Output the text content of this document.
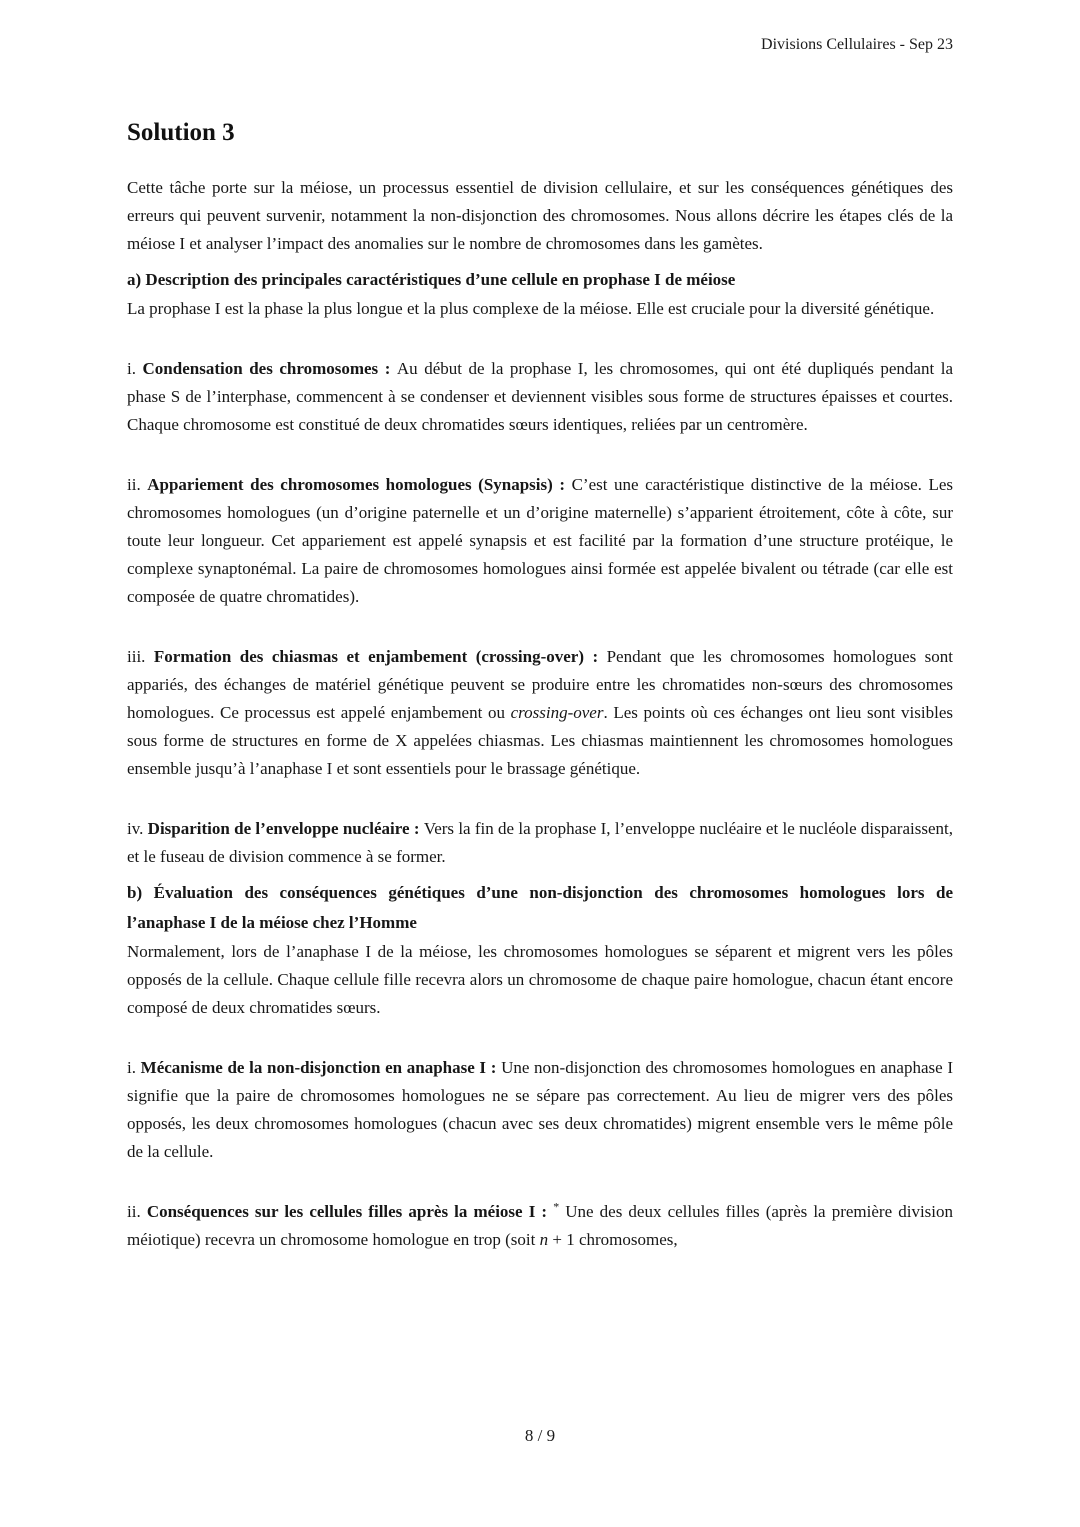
Divisions Cellulaires - Sep 23
Solution 3

Cette tâche porte sur la méiose, un processus essentiel de division cellulaire, et sur les conséquences génétiques des erreurs qui peuvent survenir, notamment la non-disjonction des chromosomes. Nous allons décrire les étapes clés de la méiose I et analyser l’impact des anomalies sur le nombre de chromosomes dans les gamètes.

a) Description des principales caractéristiques d’une cellule en prophase I de méiose

La prophase I est la phase la plus longue et la plus complexe de la méiose. Elle est cruciale pour la diversité génétique.

i. Condensation des chromosomes : Au début de la prophase I, les chromosomes, qui ont été dupliqués pendant la phase S de l’interphase, commencent à se condenser et deviennent visibles sous forme de structures épaisses et courtes. Chaque chromosome est constitué de deux chromatides sœurs identiques, reliées par un centromère.

ii. Appariement des chromosomes homologues (Synapsis) : C’est une caractéristique distinctive de la méiose. Les chromosomes homologues (un d’origine paternelle et un d’origine maternelle) s’apparient étroitement, côte à côte, sur toute leur longueur. Cet appariement est appelé synapsis et est facilité par la formation d’une structure protéique, le complexe synaptonémal. La paire de chromosomes homologues ainsi formée est appelée bivalent ou tétrade (car elle est composée de quatre chromatides).

iii. Formation des chiasmas et enjambement (crossing-over) : Pendant que les chromosomes homologues sont appariés, des échanges de matériel génétique peuvent se produire entre les chromatides non-sœurs des chromosomes homologues. Ce processus est appelé enjambement ou crossing-over. Les points où ces échanges ont lieu sont visibles sous forme de structures en forme de X appelées chiasmas. Les chiasmas maintiennent les chromosomes homologues ensemble jusqu’à l’anaphase I et sont essentiels pour le brassage génétique.

iv. Disparition de l’enveloppe nucléaire : Vers la fin de la prophase I, l’enveloppe nucléaire et le nucléole disparaissent, et le fuseau de division commence à se former.

b) Évaluation des conséquences génétiques d’une non-disjonction des chromosomes homologues lors de l’anaphase I de la méiose chez l’Homme

Normalement, lors de l’anaphase I de la méiose, les chromosomes homologues se séparent et migrent vers les pôles opposés de la cellule. Chaque cellule fille recevra alors un chromosome de chaque paire homologue, chacun étant encore composé de deux chromatides sœurs.

i. Mécanisme de la non-disjonction en anaphase I : Une non-disjonction des chromosomes homologues en anaphase I signifie que la paire de chromosomes homologues ne se sépare pas correctement. Au lieu de migrer vers des pôles opposés, les deux chromosomes homologues (chacun avec ses deux chromatides) migrent ensemble vers le même pôle de la cellule.

ii. Conséquences sur les cellules filles après la méiose I : * Une des deux cellules filles (après la première division méiotique) recevra un chromosome homologue en trop (soit n + 1 chromosomes,

8 / 9
